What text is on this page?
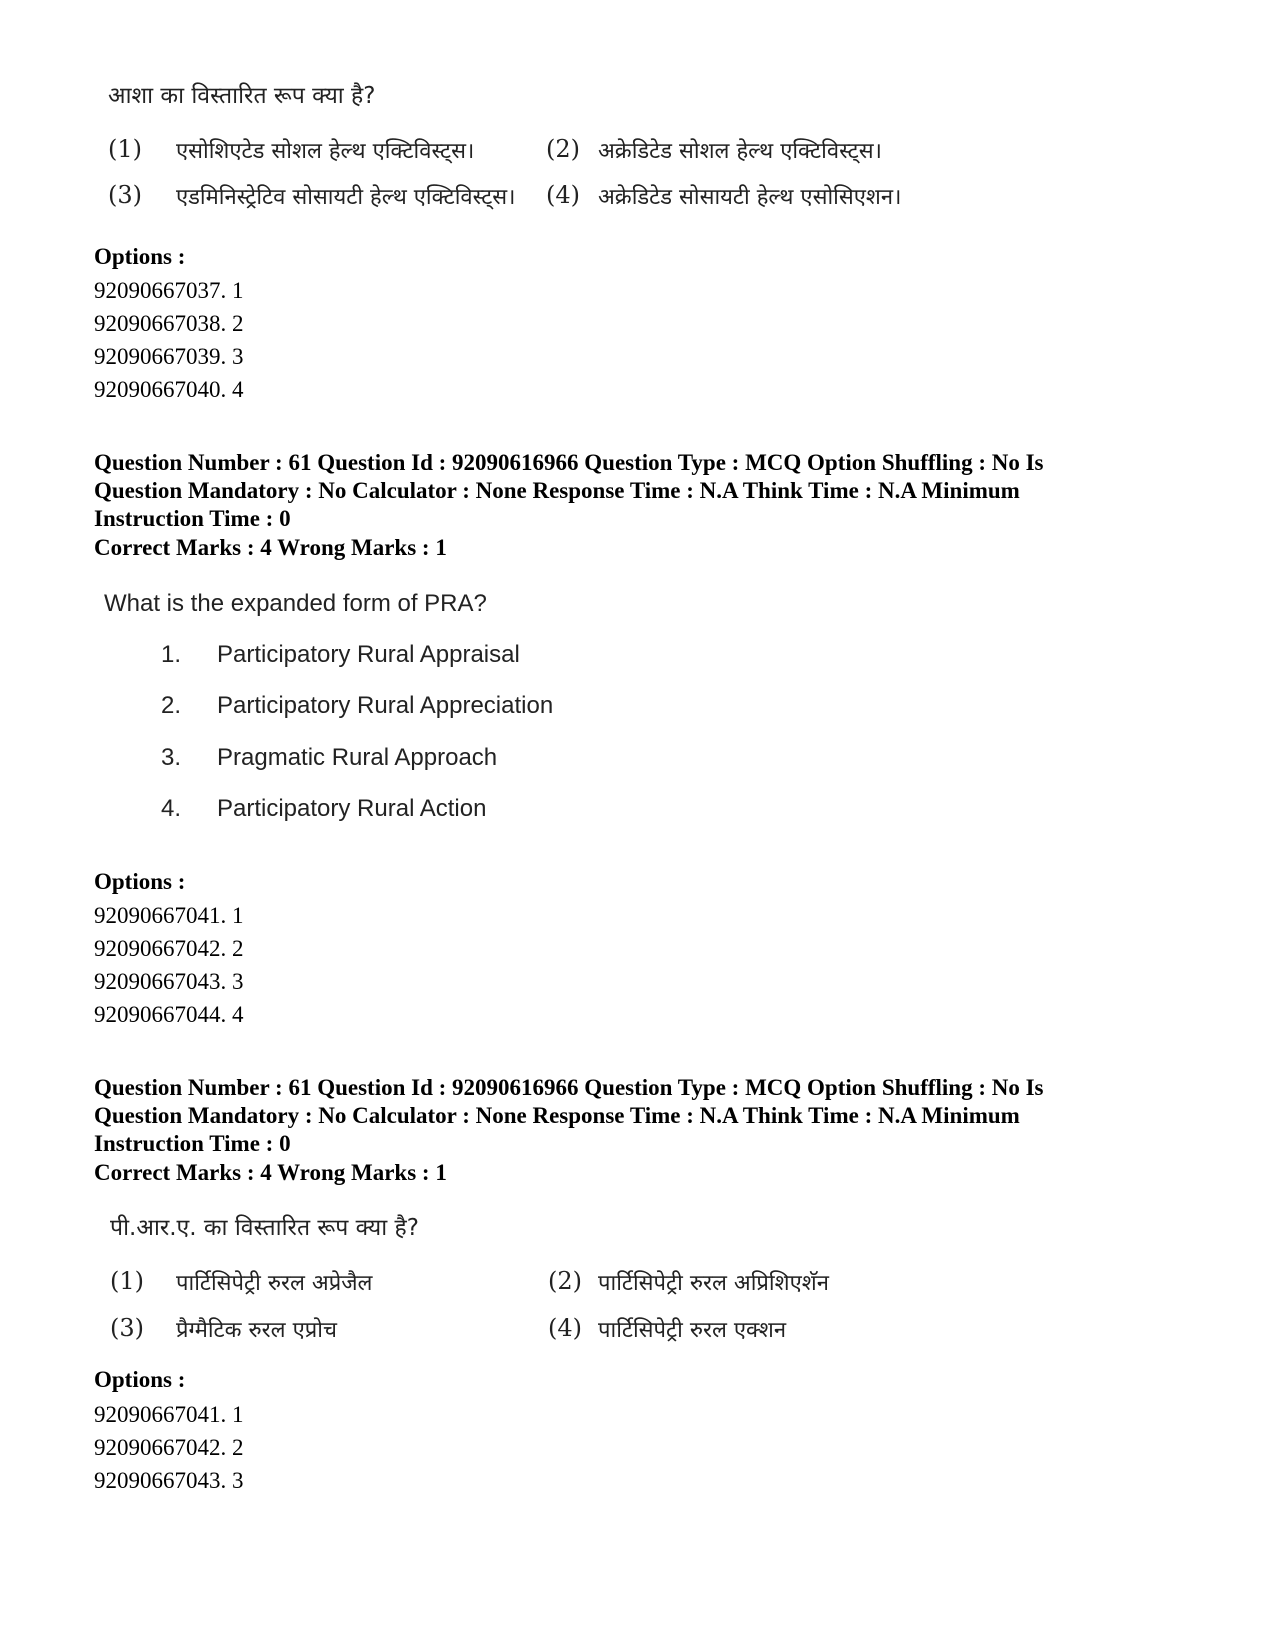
आशा का विस्तारित रूप क्या है?
(1) एसोशिएटेड सोशल हेल्थ एक्टिविस्ट्स।	(2) अक्रेडिटेड सोशल हेल्थ एक्टिविस्ट्स।
(3) एडमिनिस्ट्रेटिव सोसायटी हेल्थ एक्टिविस्ट्स। (4) अक्रेडिटेड सोसायटी हेल्थ एसोसिएशन।
Options :
92090667037. 1
92090667038. 2
92090667039. 3
92090667040. 4
Question Number : 61 Question Id : 92090616966 Question Type : MCQ Option Shuffling : No Is
Question Mandatory : No Calculator : None Response Time : N.A Think Time : N.A Minimum
Instruction Time : 0
Correct Marks : 4 Wrong Marks : 1
What is the expanded form of PRA?
1. Participatory Rural Appraisal
2. Participatory Rural Appreciation
3. Pragmatic Rural Approach
4. Participatory Rural Action
Options :
92090667041. 1
92090667042. 2
92090667043. 3
92090667044. 4
Question Number : 61 Question Id : 92090616966 Question Type : MCQ Option Shuffling : No Is
Question Mandatory : No Calculator : None Response Time : N.A Think Time : N.A Minimum
Instruction Time : 0
Correct Marks : 4 Wrong Marks : 1
पी.आर.ए. का विस्तारित रूप क्या है?
(1) पार्टिसिपेट्री रुरल अप्रेजैल	(2) पार्टिसिपेट्री रुरल अप्रिशिएशॅन
(3) प्रैग्मैटिक रुरल एप्रोच	(4) पार्टिसिपेट्री रुरल एक्शन
Options :
92090667041. 1
92090667042. 2
92090667043. 3
